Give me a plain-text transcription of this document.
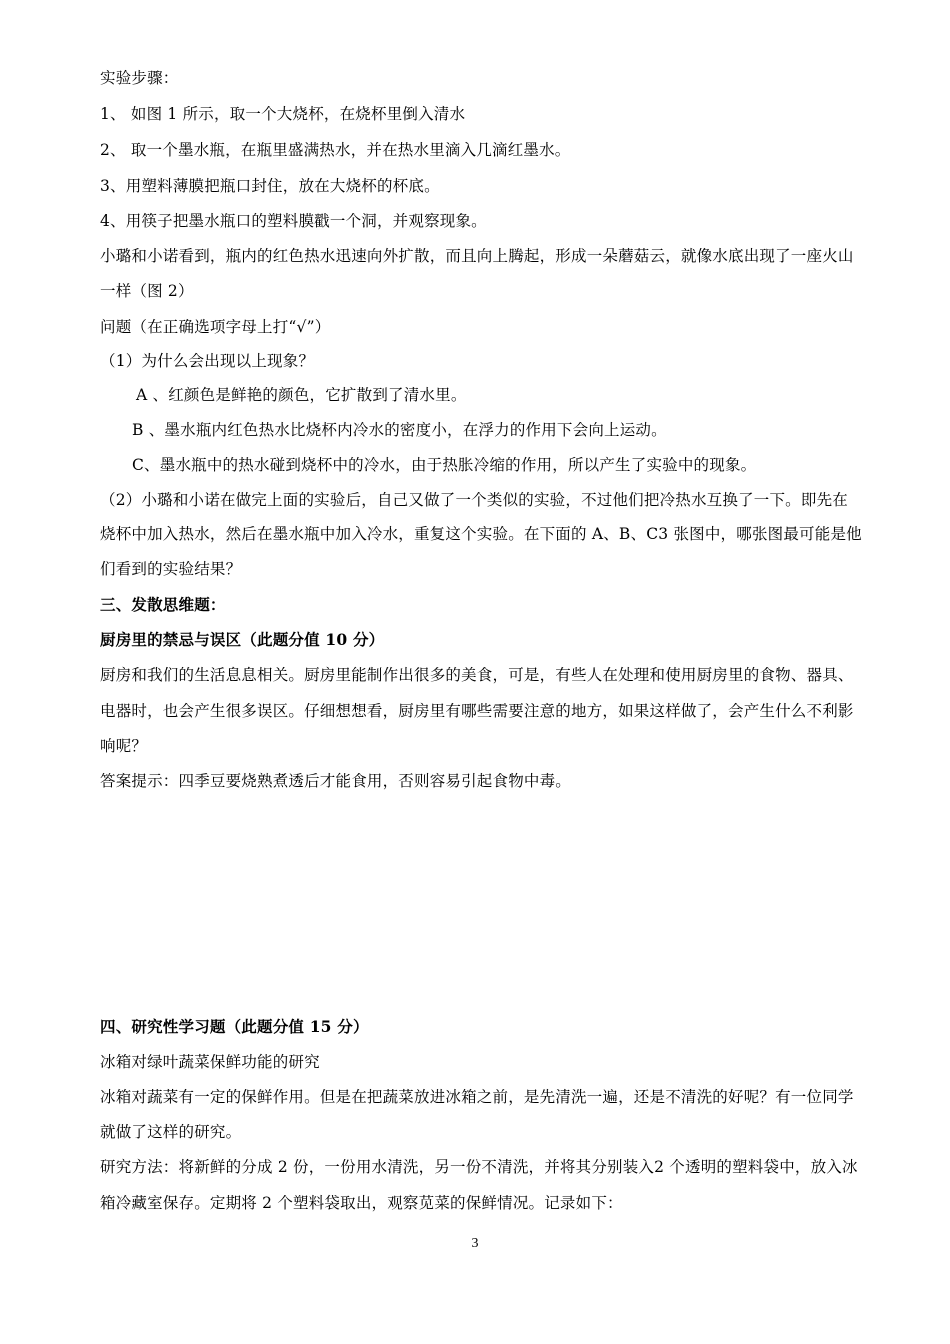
实验步骤：
1、 如图 1 所示，取一个大烧杯，在烧杯里倒入清水
2、 取一个墨水瓶，在瓶里盛满热水，并在热水里滴入几滴红墨水。
3、用塑料薄膜把瓶口封住，放在大烧杯的杯底。
4、用筷子把墨水瓶口的塑料膜戳一个洞，并观察现象。
小璐和小诺看到，瓶内的红色热水迅速向外扩散，而且向上腾起，形成一朵蘑菇云，就像水底出现了一座火山
一样（图 2）
问题（在正确选项字母上打“√”）
（1）为什么会出现以上现象？
A 、红颜色是鲜艳的颜色，它扩散到了清水里。
B 、墨水瓶内红色热水比烧杯内冷水的密度小，在浮力的作用下会向上运动。
C、墨水瓶中的热水碰到烧杯中的冷水，由于热胀冷缩的作用，所以产生了实验中的现象。
（2）小璐和小诺在做完上面的实验后，自己又做了一个类似的实验，不过他们把冷热水互换了一下。即先在
烧杯中加入热水，然后在墨水瓶中加入冷水，重复这个实验。在下面的 A、B、C3 张图中，哪张图最可能是他
们看到的实验结果？
三、发散思维题：
厨房里的禁忌与误区（此题分值 10 分）
厨房和我们的生活息息相关。厨房里能制作出很多的美食，可是，有些人在处理和使用厨房里的食物、器具、
电器时，也会产生很多误区。仔细想想看，厨房里有哪些需要注意的地方，如果这样做了，会产生什么不利影
响呢？
答案提示：四季豆要烧熟煮透后才能食用，否则容易引起食物中毒。
四、研究性学习题（此题分值 15 分）
冰箱对绿叶蔬菜保鲜功能的研究
冰箱对蔬菜有一定的保鲜作用。但是在把蔬菜放进冰箱之前，是先清洗一遍，还是不清洗的好呢？有一位同学
就做了这样的研究。
研究方法：将新鲜的分成 2 份，一份用水清洗，另一份不清洗，并将其分别装入2 个透明的塑料袋中，放入冰
箱冷藏室保存。定期将 2 个塑料袋取出，观察苋菜的保鲜情况。记录如下：
3
